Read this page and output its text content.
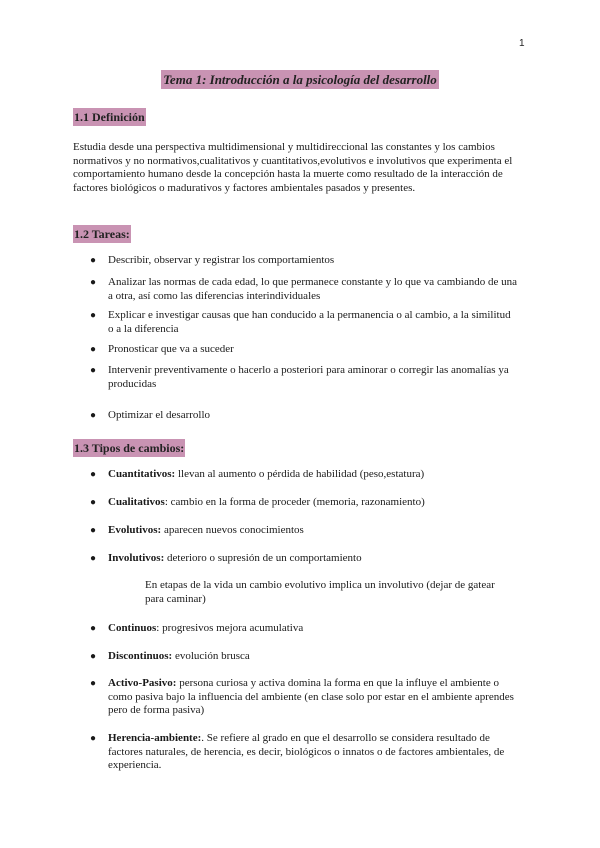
1
Tema 1: Introducción a la psicología del desarrollo
1.1 Definición
Estudia desde una perspectiva multidimensional y multidireccional las constantes y los cambios normativos y no normativos,cualitativos y cuantitativos,evolutivos e involutivos que experimenta el comportamiento humano desde la concepción hasta la muerte como resultado de la interacción de factores biológicos o madurativos y factores ambientales pasados y presentes.
1.2 Tareas:
● Describir, observar y registrar los comportamientos
● Analizar las normas de cada edad, lo que permanece constante y lo que va cambiando de una a otra, así como las diferencias interindividuales
● Explicar e investigar causas que han conducido a la permanencia o al cambio, a la similitud o a la diferencia
● Pronosticar que va a suceder
● Intervenir preventivamente o hacerlo a posteriori para aminorar o corregir las anomalías ya producidas
● Optimizar el desarrollo
1.3 Tipos de cambios:
● Cuantitativos: llevan al aumento o pérdida de habilidad (peso,estatura)
● Cualitativos: cambio en la forma de proceder (memoria, razonamiento)
● Evolutivos: aparecen nuevos conocimientos
● Involutivos: deterioro o supresión de un comportamiento
En etapas de la vida un cambio evolutivo implica un involutivo (dejar de gatear para caminar)
● Continuos: progresivos mejora acumulativa
● Discontinuos: evolución brusca
● Activo-Pasivo: persona curiosa y activa domina la forma en que la influye el ambiente o como pasiva bajo la influencia del ambiente (en clase solo por estar en el ambiente aprendes pero de forma pasiva)
● Herencia-ambiente:. Se refiere al grado en que el desarrollo se considera resultado de factores naturales, de herencia, es decir, biológicos o innatos o de factores ambientales, de experiencia.
